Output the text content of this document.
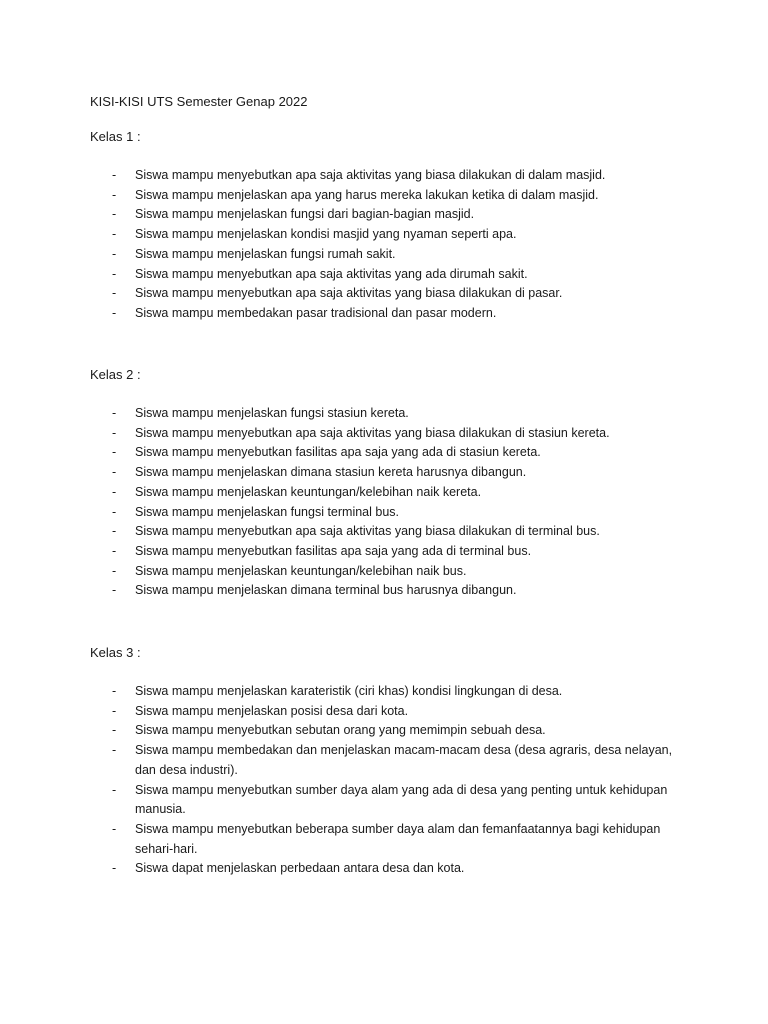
KISI-KISI UTS Semester Genap 2022
Kelas 1 :
- Siswa mampu menyebutkan apa saja aktivitas yang biasa dilakukan di dalam masjid.
- Siswa mampu menjelaskan apa yang harus mereka lakukan ketika di dalam masjid.
- Siswa mampu menjelaskan fungsi dari bagian-bagian masjid.
- Siswa mampu menjelaskan kondisi masjid yang nyaman seperti apa.
- Siswa mampu menjelaskan fungsi rumah sakit.
- Siswa mampu menyebutkan apa saja aktivitas yang ada dirumah sakit.
- Siswa mampu menyebutkan apa saja aktivitas yang biasa dilakukan di pasar.
- Siswa mampu membedakan pasar tradisional dan pasar modern.
Kelas 2 :
- Siswa mampu menjelaskan fungsi stasiun kereta.
- Siswa mampu menyebutkan apa saja aktivitas yang biasa dilakukan di stasiun kereta.
- Siswa mampu menyebutkan fasilitas apa saja yang ada di stasiun kereta.
- Siswa mampu menjelaskan dimana stasiun kereta harusnya dibangun.
- Siswa mampu menjelaskan keuntungan/kelebihan naik kereta.
- Siswa mampu menjelaskan fungsi terminal bus.
- Siswa mampu menyebutkan apa saja aktivitas yang biasa dilakukan di terminal bus.
- Siswa mampu menyebutkan fasilitas apa saja yang ada di terminal bus.
- Siswa mampu menjelaskan keuntungan/kelebihan naik bus.
- Siswa mampu menjelaskan dimana terminal bus harusnya dibangun.
Kelas 3 :
- Siswa mampu menjelaskan karateristik (ciri khas) kondisi lingkungan di desa.
- Siswa mampu menjelaskan posisi desa dari kota.
- Siswa mampu menyebutkan sebutan orang yang memimpin sebuah desa.
- Siswa mampu membedakan dan menjelaskan macam-macam desa (desa agraris, desa nelayan, dan desa industri).
- Siswa mampu menyebutkan sumber daya alam yang ada di desa yang penting untuk kehidupan manusia.
- Siswa mampu menyebutkan beberapa sumber daya alam dan femanfaatannya bagi kehidupan sehari-hari.
- Siswa dapat menjelaskan perbedaan antara desa dan kota.
